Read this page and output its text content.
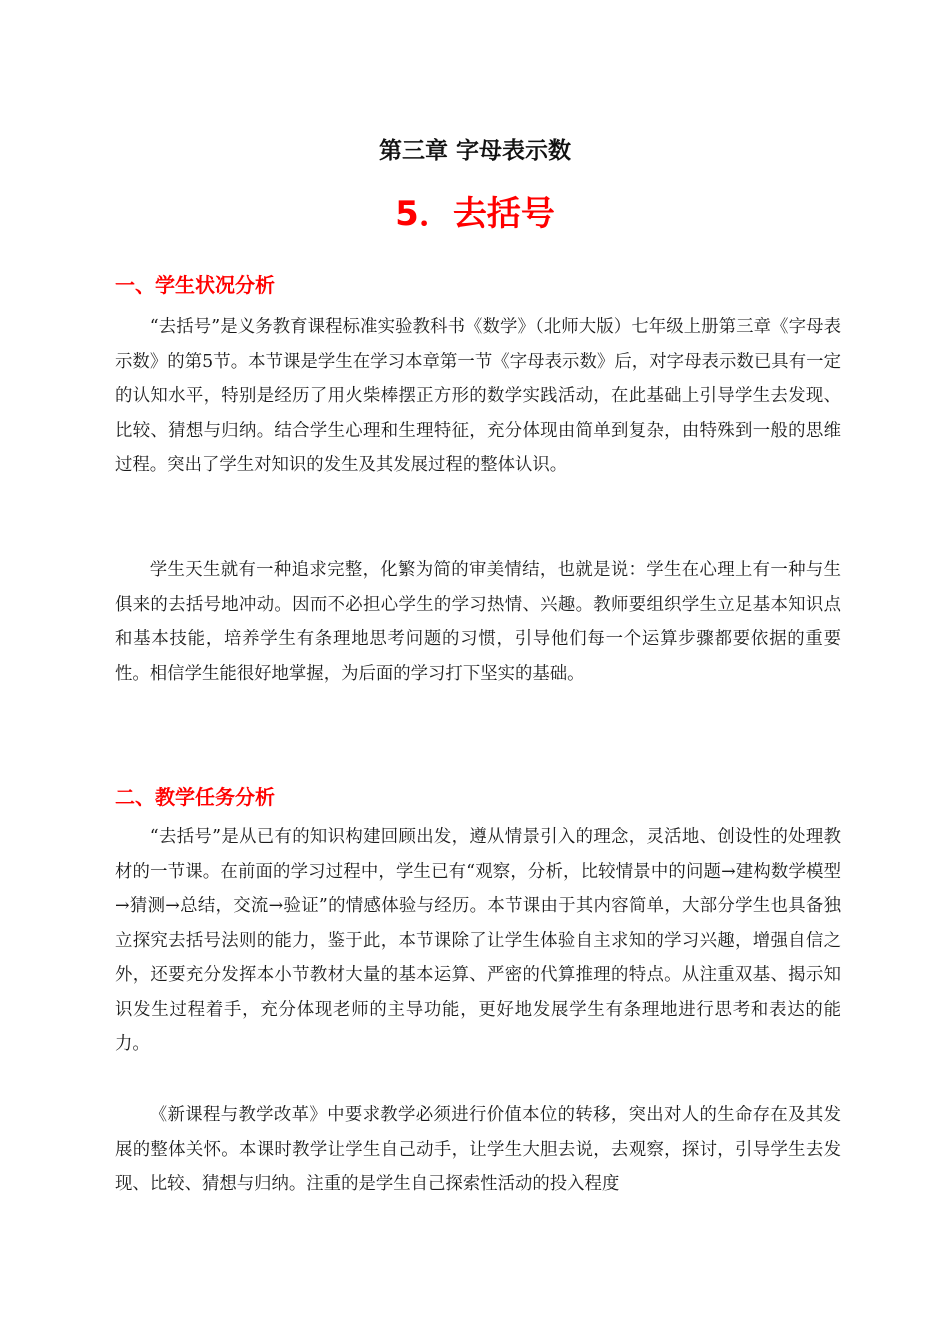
第三章 字母表示数
5．去括号
一、学生状况分析

“去括号”是义务教育课程标准实验教科书《数学》（北师大版）七年级上册第三章《字母表示数》的第5节。本节课是学生在学习本章第一节《字母表示数》后，对字母表示数已具有一定的认知水平，特别是经历了用火柴棒摆正方形的数学实践活动，在此基础上引导学生去发现、比较、猜想与归纳。结合学生心理和生理特征，充分体现由简单到复杂，由特殊到一般的思维过程。突出了学生对知识的发生及其发展过程的整体认识。

学生天生就有一种追求完整，化繁为简的审美情结，也就是说：学生在心理上有一种与生俱来的去括号地冲动。因而不必担心学生的学习热情、兴趣。教师要组织学生立足基本知识点和基本技能，培养学生有条理地思考问题的习惯，引导他们每一个运算步骤都要依据的重要性。相信学生能很好地掌握，为后面的学习打下坚实的基础。

二、教学任务分析

“去括号”是从已有的知识构建回顾出发，遵从情景引入的理念，灵活地、创设性的处理教材的一节课。在前面的学习过程中，学生已有“观察，分析，比较情景中的问题→建构数学模型→猜测→总结，交流→验证”的情感体验与经历。本节课由于其内容简单，大部分学生也具备独立探究去括号法则的能力，鉴于此，本节课除了让学生体验自主求知的学习兴趣，增强自信之外，还要充分发挥本小节教材大量的基本运算、严密的代算推理的特点。从注重双基、揭示知识发生过程着手，充分体现老师的主导功能，更好地发展学生有条理地进行思考和表达的能力。

《新课程与教学改革》中要求教学必须进行价值本位的转移，突出对人的生命存在及其发展的整体关怀。本课时教学让学生自己动手，让学生大胆去说，去观察，探讨，引导学生去发现、比较、猜想与归纳。注重的是学生自己探索性活动的投入程度
